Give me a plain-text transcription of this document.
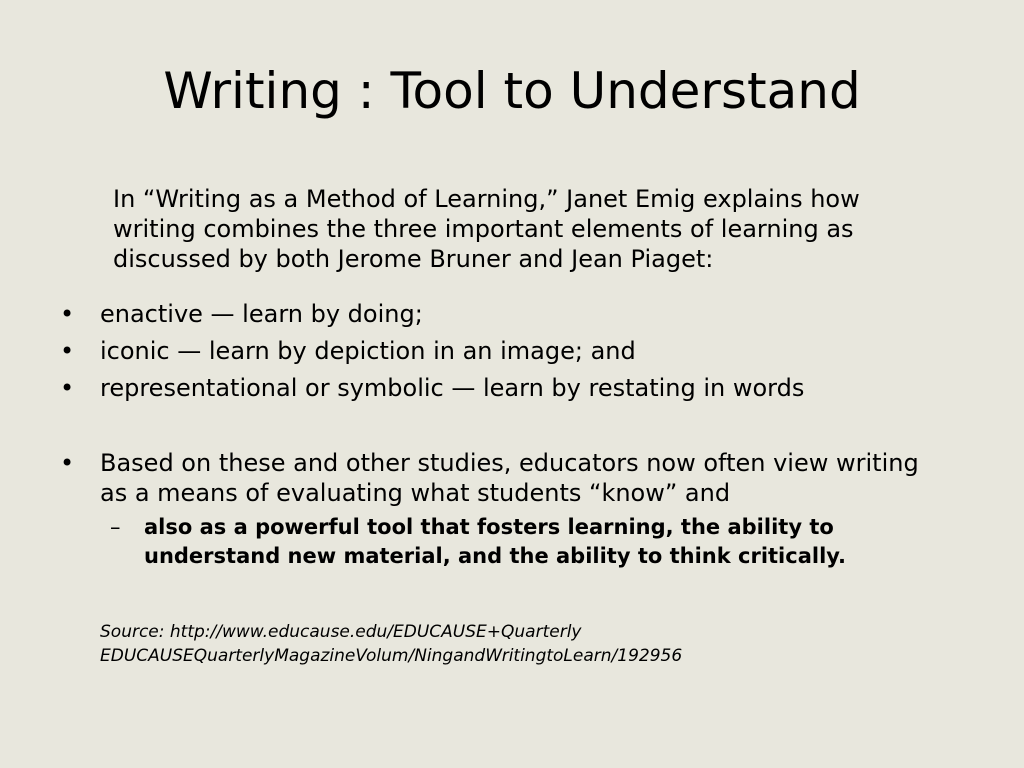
Writing : Tool to Understand

In “Writing as a Method of Learning,” Janet Emig explains how writing combines the three important elements of learning as discussed by both Jerome Bruner and Jean Piaget:

• enactive — learn by doing;
• iconic — learn by depiction in an image; and
• representational or symbolic — learn by restating in words
• Based on these and other studies, educators now often view writing as a means of evaluating what students “know” and

– also as a powerful tool that fosters learning, the ability to understand new material, and the ability to think critically.

Source: http://www.educause.edu/EDUCAUSE+Quarterly
EDUCAUSEQuarterlyMagazineVolum/NingandWritingtoLearn/192956
